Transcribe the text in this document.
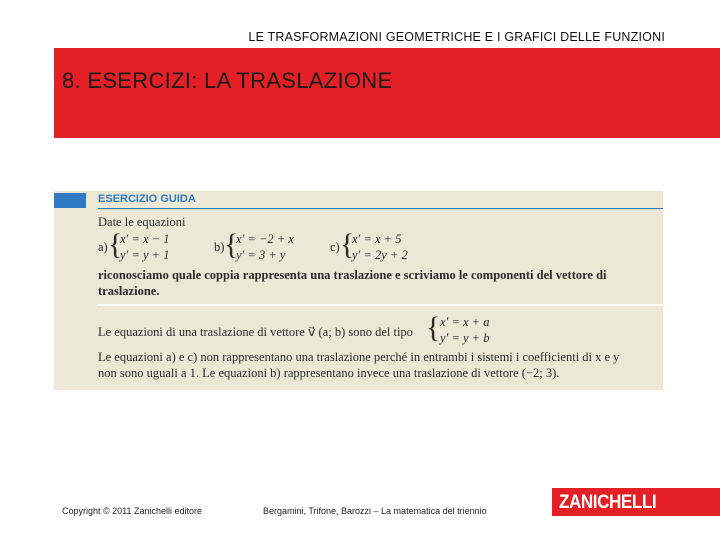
LE TRASFORMAZIONI GEOMETRICHE E I GRAFICI DELLE FUNZIONI
8. ESERCIZI: LA TRASLAZIONE
ESERCIZIO GUIDA
Date le equazioni
a) {
x′ = x − 1
y′ = y + 1
b) {
x′ = −2 + x
y′ = 3 + y
c) {
x′ = x + 5
y′ = 2y + 2
riconosciamo quale coppia rappresenta una traslazione e scriviamo le componenti del vettore di
traslazione.
Le equazioni di una traslazione di vettore v⃗ (a; b) sono del tipo { x′ = x + a
y′ = y + b
Le equazioni a) e c) non rappresentano una traslazione perché in entrambi i sistemi i coefficienti di x e y
non sono uguali a 1. Le equazioni b) rappresentano invece una traslazione di vettore (−2; 3).
Copyright © 2011 Zanichelli editore	Bergamini, Trifone, Barozzi – La matematica del triennio	ZANICHELLI
